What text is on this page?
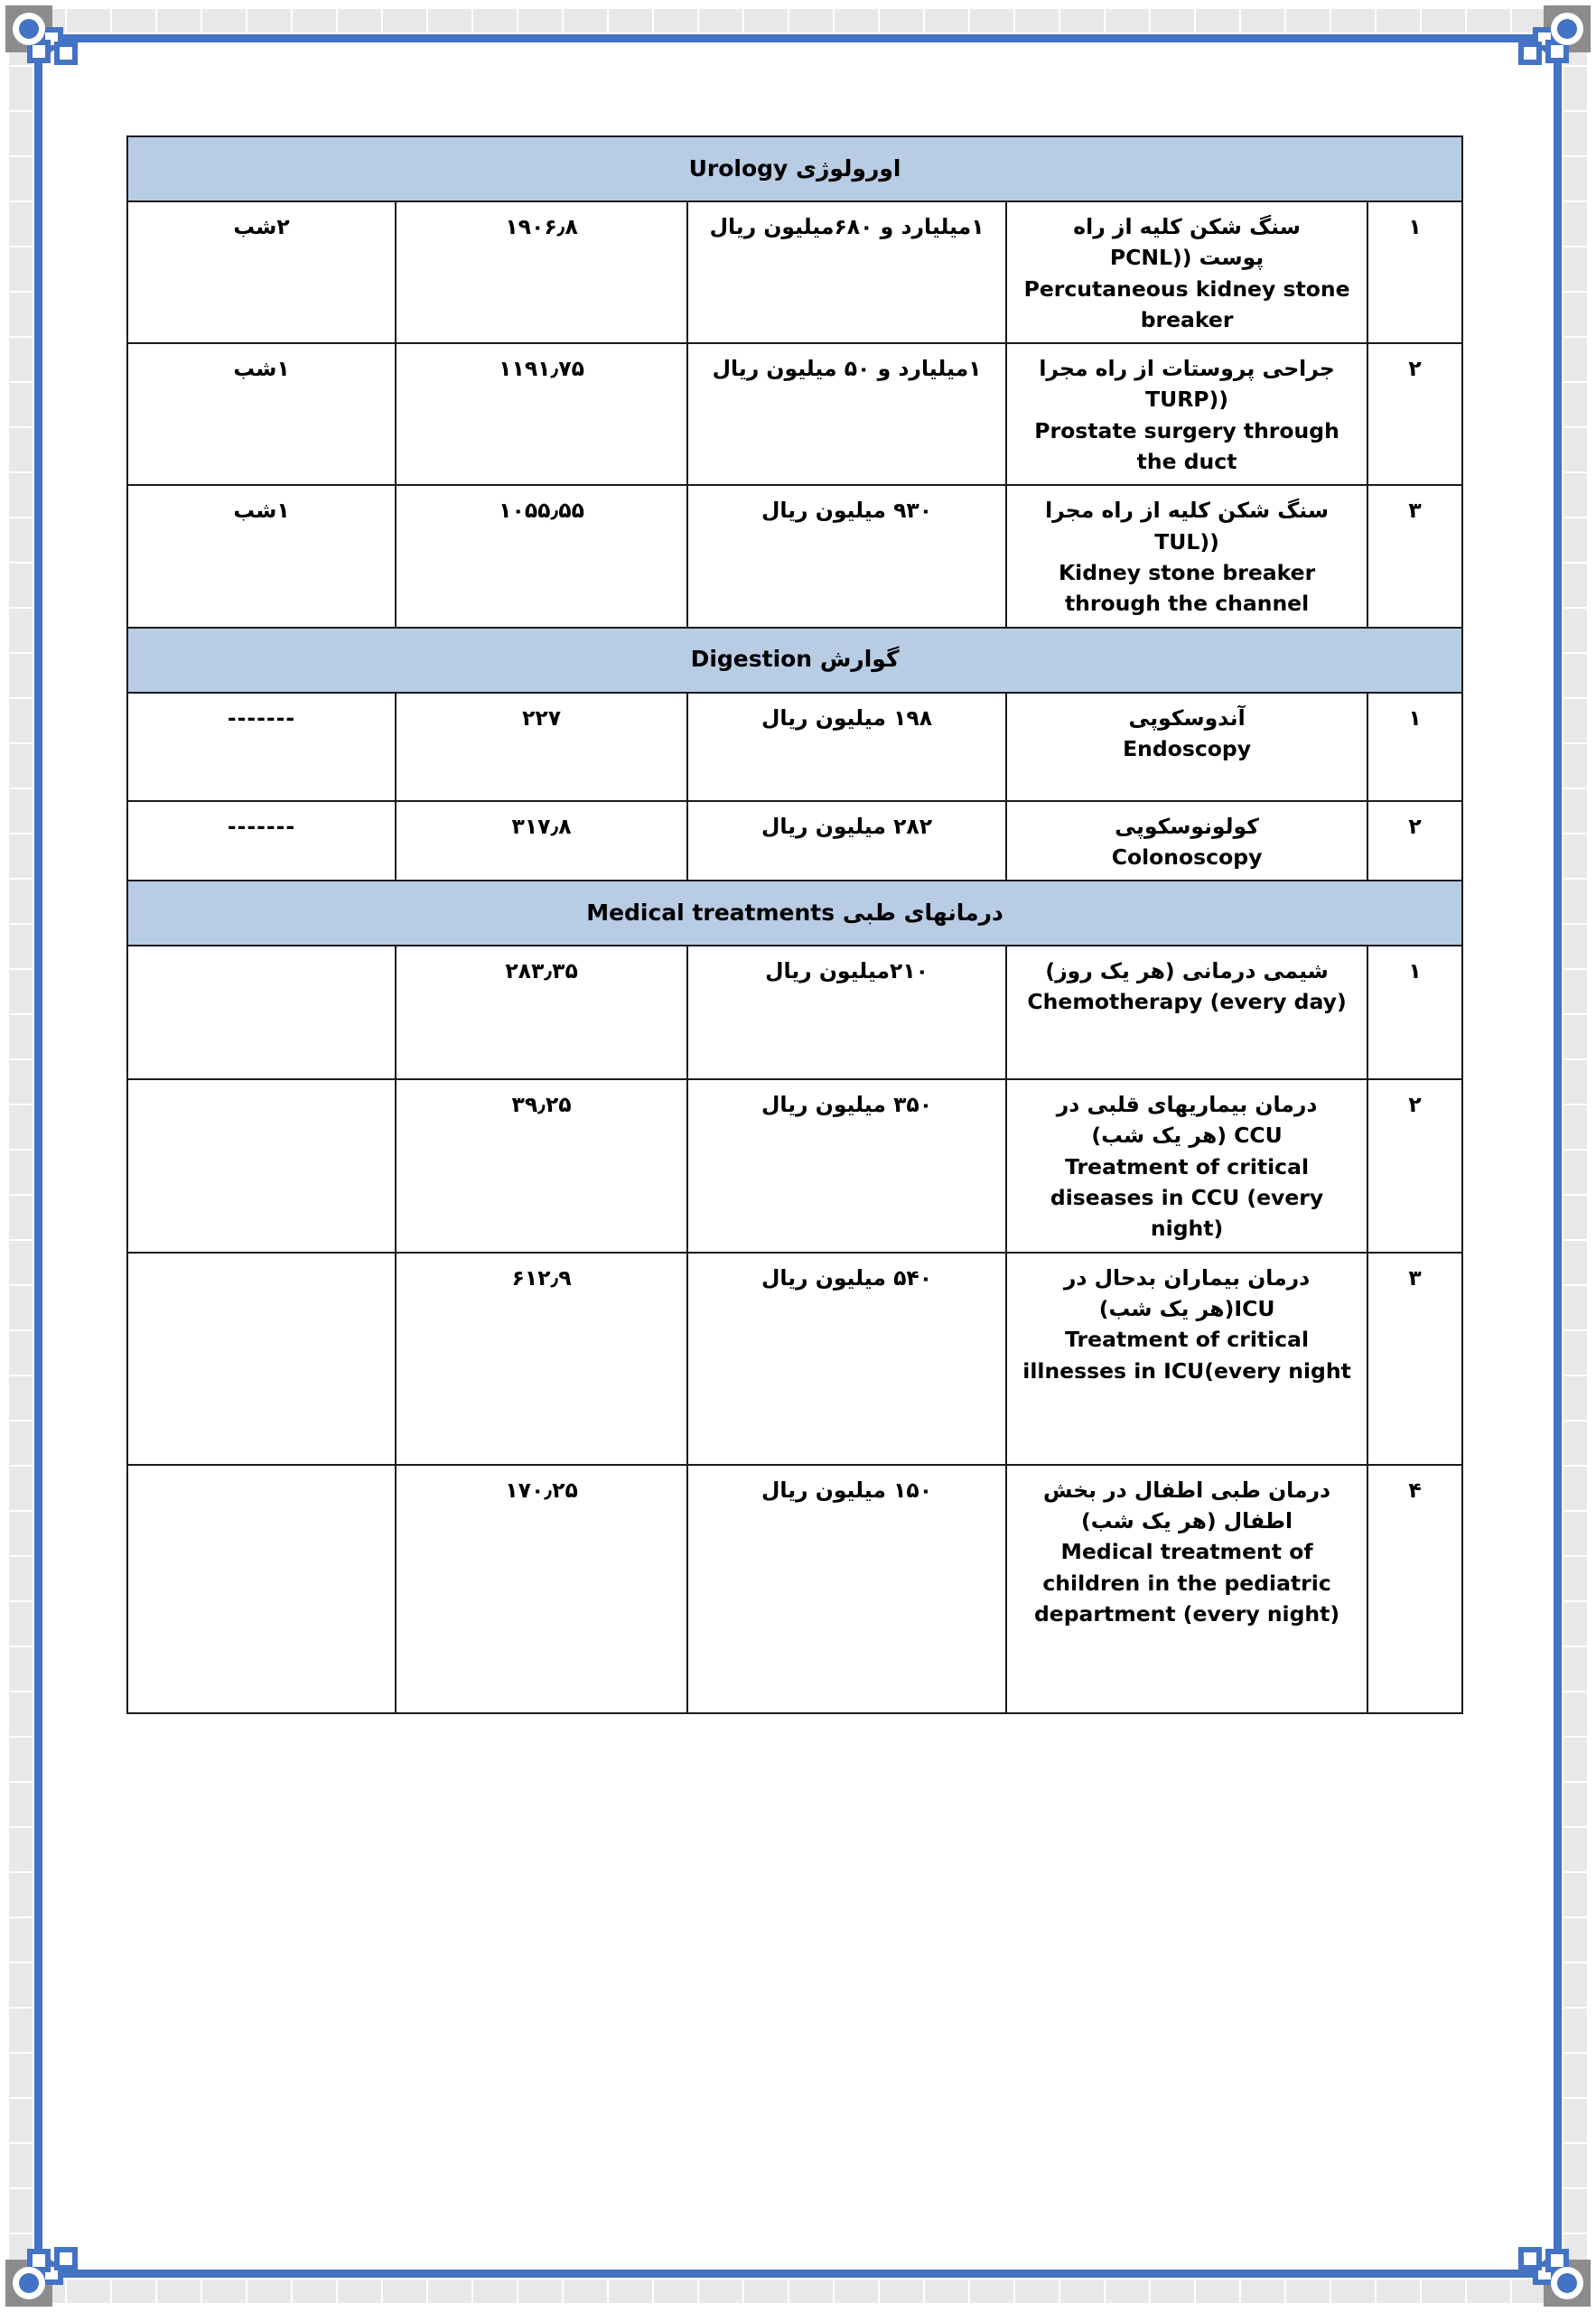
اورولوژی Urology				
۱	سنگ شکن کلیه از راه
پوست ((PCNL
Percutaneous kidney stone breaker	۱میلیارد و ۶۸۰میلیون ریال	۱۹۰۶٫۸	۲شب
۲	جراحی پروستات از راه مجرا
((TURP
Prostate surgery through the duct	۱میلیارد و ۵۰ میلیون ریال	۱۱۹۱٫۷۵	۱شب
۳	سنگ شکن کلیه از راه مجرا
((TUL
Kidney stone breaker through the channel	۹۳۰ میلیون ریال	۱۰۵۵٫۵۵	۱شب
گوارش Digestion				
۱	آندوسکوپی
Endoscopy	۱۹۸ میلیون ریال	۲۲۷	-------
۲	کولونوسکوپی
Colonoscopy	۲۸۲ میلیون ریال	۳۱۷٫۸	-------
درمانهای طبی Medical treatments				
۱	شیمی درمانی (هر یک روز)
Chemotherapy (every day)	۲۱۰میلیون ریال	۲۸۳٫۳۵	
۲	درمان بیماریهای قلبی در
CCU (هر یک شب)
Treatment of critical diseases in CCU (every night)	۳۵۰ میلیون ریال	۳۹٫۲۵	
۳	درمان بیماران بدحال در
ICU(هر یک شب)
Treatment of critical illnesses in ICU(every night	۵۴۰ میلیون ریال	۶۱۲٫۹	
۴	درمان طبی اطفال در بخش
اطفال (هر یک شب)
Medical treatment of children in the pediatric department (every night)	۱۵۰ میلیون ریال	۱۷۰٫۲۵	
